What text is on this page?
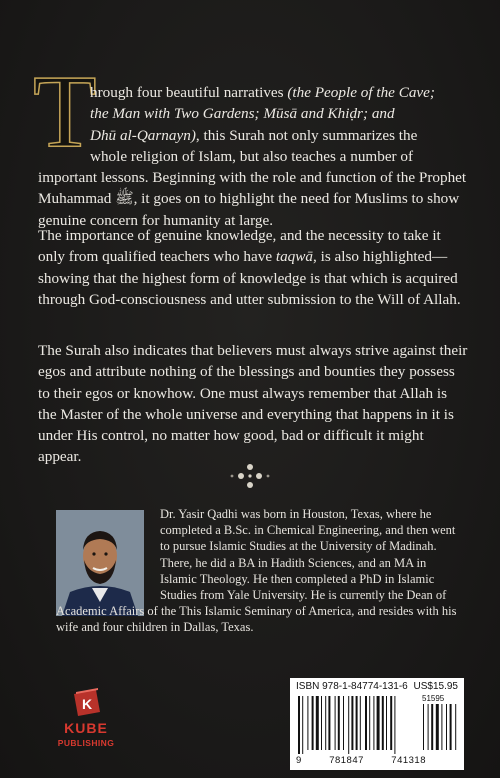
T

hrough four beautiful narratives (the People of the Cave;
the Man with Two Gardens; Mūsā and Khiḍr; and
Dhū al-Qarnayn), this Surah not only summarizes the
whole religion of Islam, but also teaches a number of
important lessons. Beginning with the role and function of the Prophet Muhammad ﷺ, it goes on to highlight the need for Muslims to show genuine concern for humanity at large.

The importance of genuine knowledge, and the necessity to take it only from qualified teachers who have taqwā, is also highlighted—showing that the highest form of knowledge is that which is acquired through God-consciousness and utter submission to the Will of Allah.

The Surah also indicates that believers must always strive against their egos and attribute nothing of the blessings and bounties they possess to their egos or knowhow. One must always remember that Allah is the Master of the whole universe and everything that happens in it is under His control, no matter how good, bad or difficult it might appear.

Dr. Yasir Qadhi was born in Houston, Texas, where he completed a B.Sc. in Chemical Engineering, and then went to pursue Islamic Studies at the University of Madinah. There, he did a BA in Hadith Sciences, and an MA in Islamic Theology. He then completed a PhD in Islamic Studies from Yale University. He is currently the Dean of
Academic Affairs of the This Islamic Seminary of America, and resides with his wife and four children in Dallas, Texas.

K
KUBE
PUBLISHING
ISBN 978-1-84774-131-6 US$15.95
51595
9	781847	741318
